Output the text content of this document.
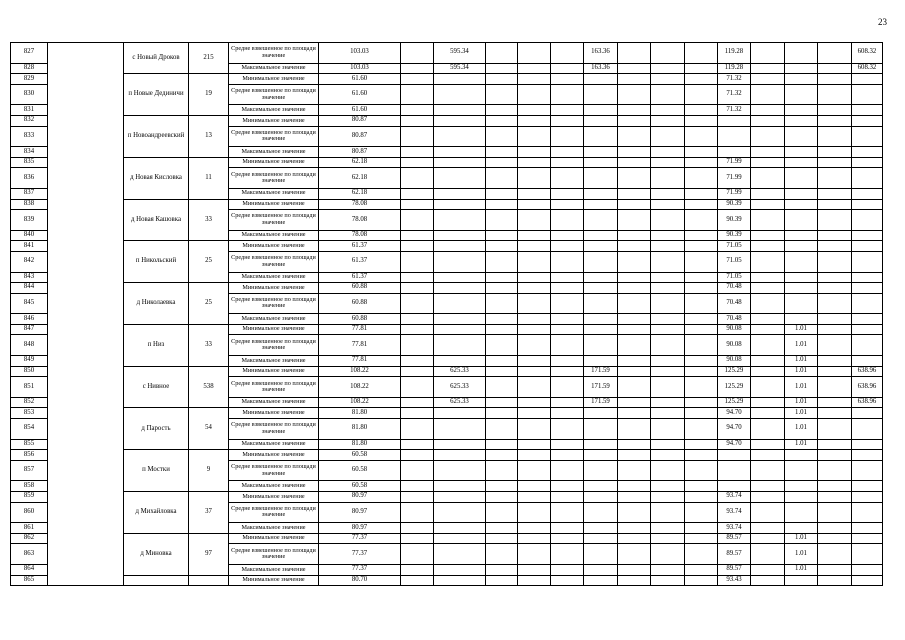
23
827		с Новый Дроков	215	Средне взвешенное по площади значение	103.03		595.34				163.36				119.28				608.32
828				Максимальное значение	103.03		595.34				163.36				119.28				608.32
829		п Новые Дединичи	19	Минимальное значение	61.60										71.32				
830				Средне взвешенное по площади значение	61.60										71.32				
831				Максимальное значение	61.60										71.32				
832		п Новоандреевский	13	Минимальное значение	80.87														
833				Средне взвешенное по площади значение	80.87														
834				Максимальное значение	80.87														
835		д Новая Кисловка	11	Минимальное значение	62.18										71.99				
836				Средне взвешенное по площади значение	62.18										71.99				
837				Максимальное значение	62.18										71.99				
838		д Новая Кашовка	33	Минимальное значение	78.08										90.39				
839				Средне взвешенное по площади значение	78.08										90.39				
840				Максимальное значение	78.08										90.39				
841		п Никольский	25	Минимальное значение	61.37										71.05				
842				Средне взвешенное по площади значение	61.37										71.05				
843				Максимальное значение	61.37										71.05				
844		д Николаевка	25	Минимальное значение	60.88										70.48				
845				Средне взвешенное по площади значение	60.88										70.48				
846				Максимальное значение	60.88										70.48				
847		п Низ	33	Минимальное значение	77.81										90.08		1.01		
848				Средне взвешенное по площади значение	77.81										90.08		1.01		
849				Максимальное значение	77.81										90.08		1.01		
850		с Нивное	538	Минимальное значение	108.22		625.33				171.59				125.29		1.01		638.96
851				Средне взвешенное по площади значение	108.22		625.33				171.59				125.29		1.01		638.96
852				Максимальное значение	108.22		625.33				171.59				125.29		1.01		638.96
853		д Парость	54	Минимальное значение	81.80										94.70		1.01		
854				Средне взвешенное по площади значение	81.80										94.70		1.01		
855				Максимальное значение	81.80										94.70		1.01		
856		п Мостки	9	Минимальное значение	60.58														
857				Средне взвешенное по площади значение	60.58														
858				Максимальное значение	60.58														
859		д Михайловка	37	Минимальное значение	80.97										93.74				
860				Средне взвешенное по площади значение	80.97										93.74				
861				Максимальное значение	80.97										93.74				
862		д Миновка	97	Минимальное значение	77.37										89.57		1.01		
863				Средне взвешенное по площади значение	77.37										89.57		1.01		
864				Максимальное значение	77.37										89.57		1.01		
865				Минимальное значение	80.70										93.43				
